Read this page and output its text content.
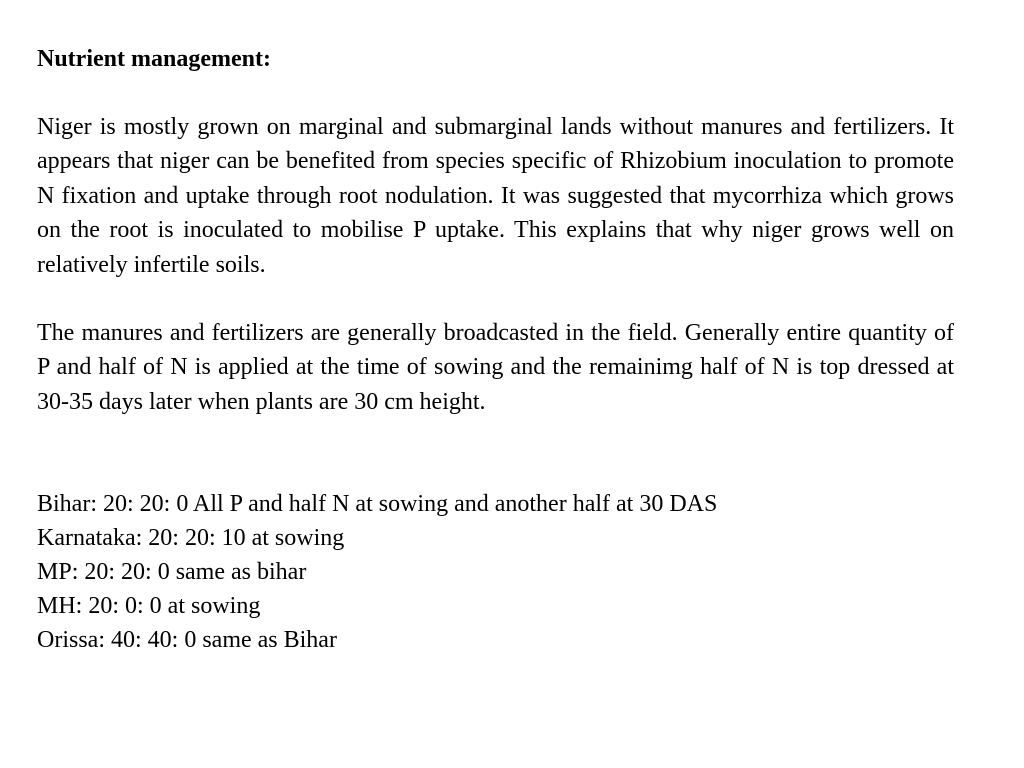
Nutrient management:

Niger is mostly grown on marginal and submarginal lands without manures and fertilizers. It appears that niger can be benefited from species specific of Rhizobium inoculation to promote N fixation and uptake through root nodulation. It was suggested that mycorrhiza which grows on the root is inoculated to mobilise P uptake. This explains that why niger grows well on relatively infertile soils.

The manures and fertilizers are generally broadcasted in the field. Generally entire quantity of P and half of N is applied at the time of sowing and the remainimg half of N is top dressed at 30-35 days later when plants are 30 cm height.

Bihar: 20: 20: 0 All P and half N at sowing and another half at 30 DAS
Karnataka: 20: 20: 10 at sowing
MP: 20: 20: 0 same as bihar
MH: 20: 0: 0 at sowing
Orissa: 40: 40: 0 same as Bihar
